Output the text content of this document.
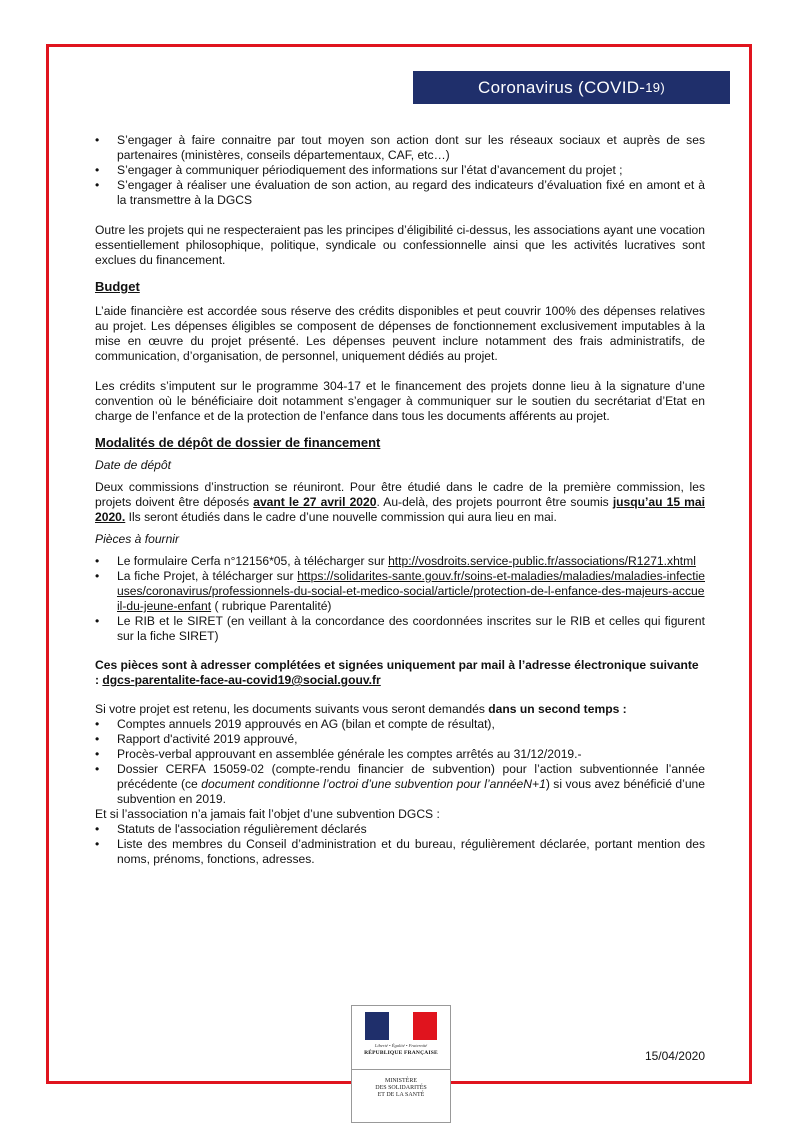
Coronavirus (COVID- 19)
• S’engager à faire connaitre par tout moyen son action dont sur les réseaux sociaux et auprès de ses partenaires (ministères, conseils départementaux, CAF, etc…)
• S’engager à communiquer périodiquement des informations sur l’état d’avancement du projet ;
• S’engager à réaliser une évaluation de son action, au regard des indicateurs d’évaluation fixé en amont et à la transmettre à la DGCS

Outre les projets qui ne respecteraient pas les principes d’éligibilité ci-dessus, les associations ayant une vocation essentiellement philosophique, politique, syndicale ou confessionnelle ainsi que les activités lucratives sont exclues du financement.

Budget

L’aide financière est accordée sous réserve des crédits disponibles et peut couvrir 100% des dépenses relatives au projet. Les dépenses éligibles se composent de dépenses de fonctionnement exclusivement imputables à la mise en œuvre du projet présenté. Les dépenses peuvent inclure notamment des frais administratifs, de communication, d’organisation, de personnel, uniquement dédiés au projet.

Les crédits s’imputent sur le programme 304-17 et le financement des projets donne lieu à la signature d’une convention où le bénéficiaire doit notamment s’engager à communiquer sur le soutien du secrétariat d’Etat en charge de l’enfance et de la protection de l’enfance dans tous les documents afférents au projet.

Modalités de dépôt de dossier de financement

Date de dépôt

Deux commissions d’instruction se réuniront. Pour être étudié dans le cadre de la première commission, les projets doivent être déposés avant le 27 avril 2020. Au-delà, des projets pourront être soumis jusqu’au 15 mai 2020. Ils seront étudiés dans le cadre d’une nouvelle commission qui aura lieu en mai.

Pièces à fournir

• Le formulaire Cerfa n°12156*05, à télécharger sur http://vosdroits.service-public.fr/associations/R1271.xhtml
• La fiche Projet, à télécharger sur https://solidarites-sante.gouv.fr/soins-et-maladies/maladies/maladies-infectieuses/coronavirus/professionnels-du-social-et-medico-social/article/protection-de-l-enfance-des-majeurs-accueil-du-jeune-enfant ( rubrique Parentalité)
• Le RIB et le SIRET (en veillant à la concordance des coordonnées inscrites sur le RIB et celles qui figurent sur la fiche SIRET)

Ces pièces sont à adresser complétées et signées uniquement par mail à l’adresse électronique suivante : dgcs-parentalite-face-au-covid19@social.gouv.fr

Si votre projet est retenu, les documents suivants vous seront demandés dans un second temps :

• Comptes annuels 2019 approuvés en AG (bilan et compte de résultat),
• Rapport d'activité 2019 approuvé,
• Procès-verbal approuvant en assemblée générale les comptes arrêtés au 31/12/2019.-
• Dossier CERFA 15059-02 (compte-rendu financier de subvention) pour l’action subventionnée l’année précédente (ce document conditionne l’octroi d’une subvention pour l’annéeN+1) si vous avez bénéficié d’une subvention en 2019.

Et si l’association n’a jamais fait l’objet d’une subvention DGCS :

• Statuts de l'association régulièrement déclarés
• Liste des membres du Conseil d’administration et du bureau, régulièrement déclarée, portant mention des noms, prénoms, fonctions, adresses.
Liberté • Égalité • Fraternité
RÉPUBLIQUE FRANÇAISE
MINISTÈRE
DES SOLIDARITÉS
ET DE LA SANTÉ
15/04/2020
